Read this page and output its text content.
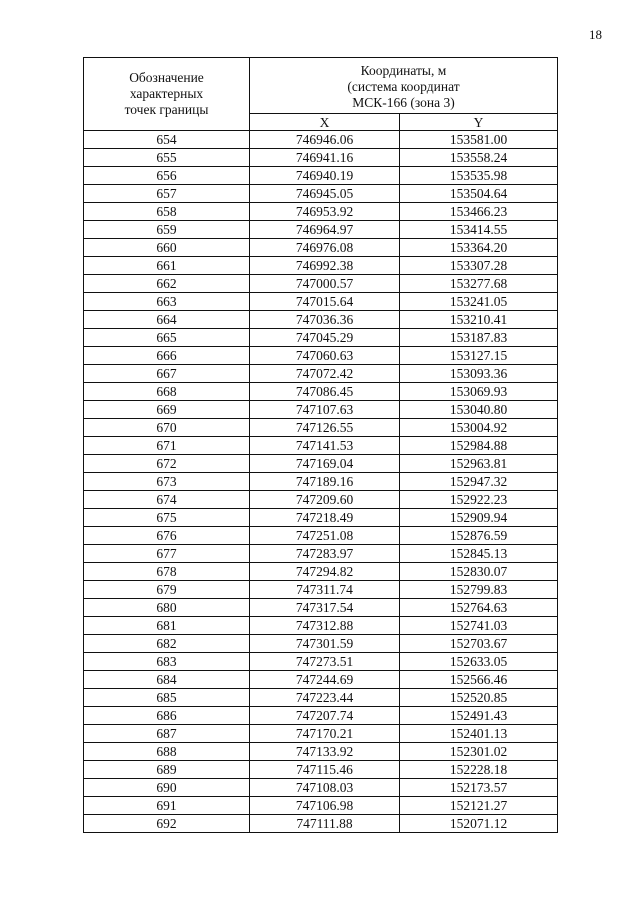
18
Обозначение
характерных
точек границы	Координаты, м
(система координат
МСК-166 (зона 3)	

	X	Y
654	746946.06	153581.00
655	746941.16	153558.24
656	746940.19	153535.98
657	746945.05	153504.64
658	746953.92	153466.23
659	746964.97	153414.55
660	746976.08	153364.20
661	746992.38	153307.28
662	747000.57	153277.68
663	747015.64	153241.05
664	747036.36	153210.41
665	747045.29	153187.83
666	747060.63	153127.15
667	747072.42	153093.36
668	747086.45	153069.93
669	747107.63	153040.80
670	747126.55	153004.92
671	747141.53	152984.88
672	747169.04	152963.81
673	747189.16	152947.32
674	747209.60	152922.23
675	747218.49	152909.94
676	747251.08	152876.59
677	747283.97	152845.13
678	747294.82	152830.07
679	747311.74	152799.83
680	747317.54	152764.63
681	747312.88	152741.03
682	747301.59	152703.67
683	747273.51	152633.05
684	747244.69	152566.46
685	747223.44	152520.85
686	747207.74	152491.43
687	747170.21	152401.13
688	747133.92	152301.02
689	747115.46	152228.18
690	747108.03	152173.57
691	747106.98	152121.27
692	747111.88	152071.12
